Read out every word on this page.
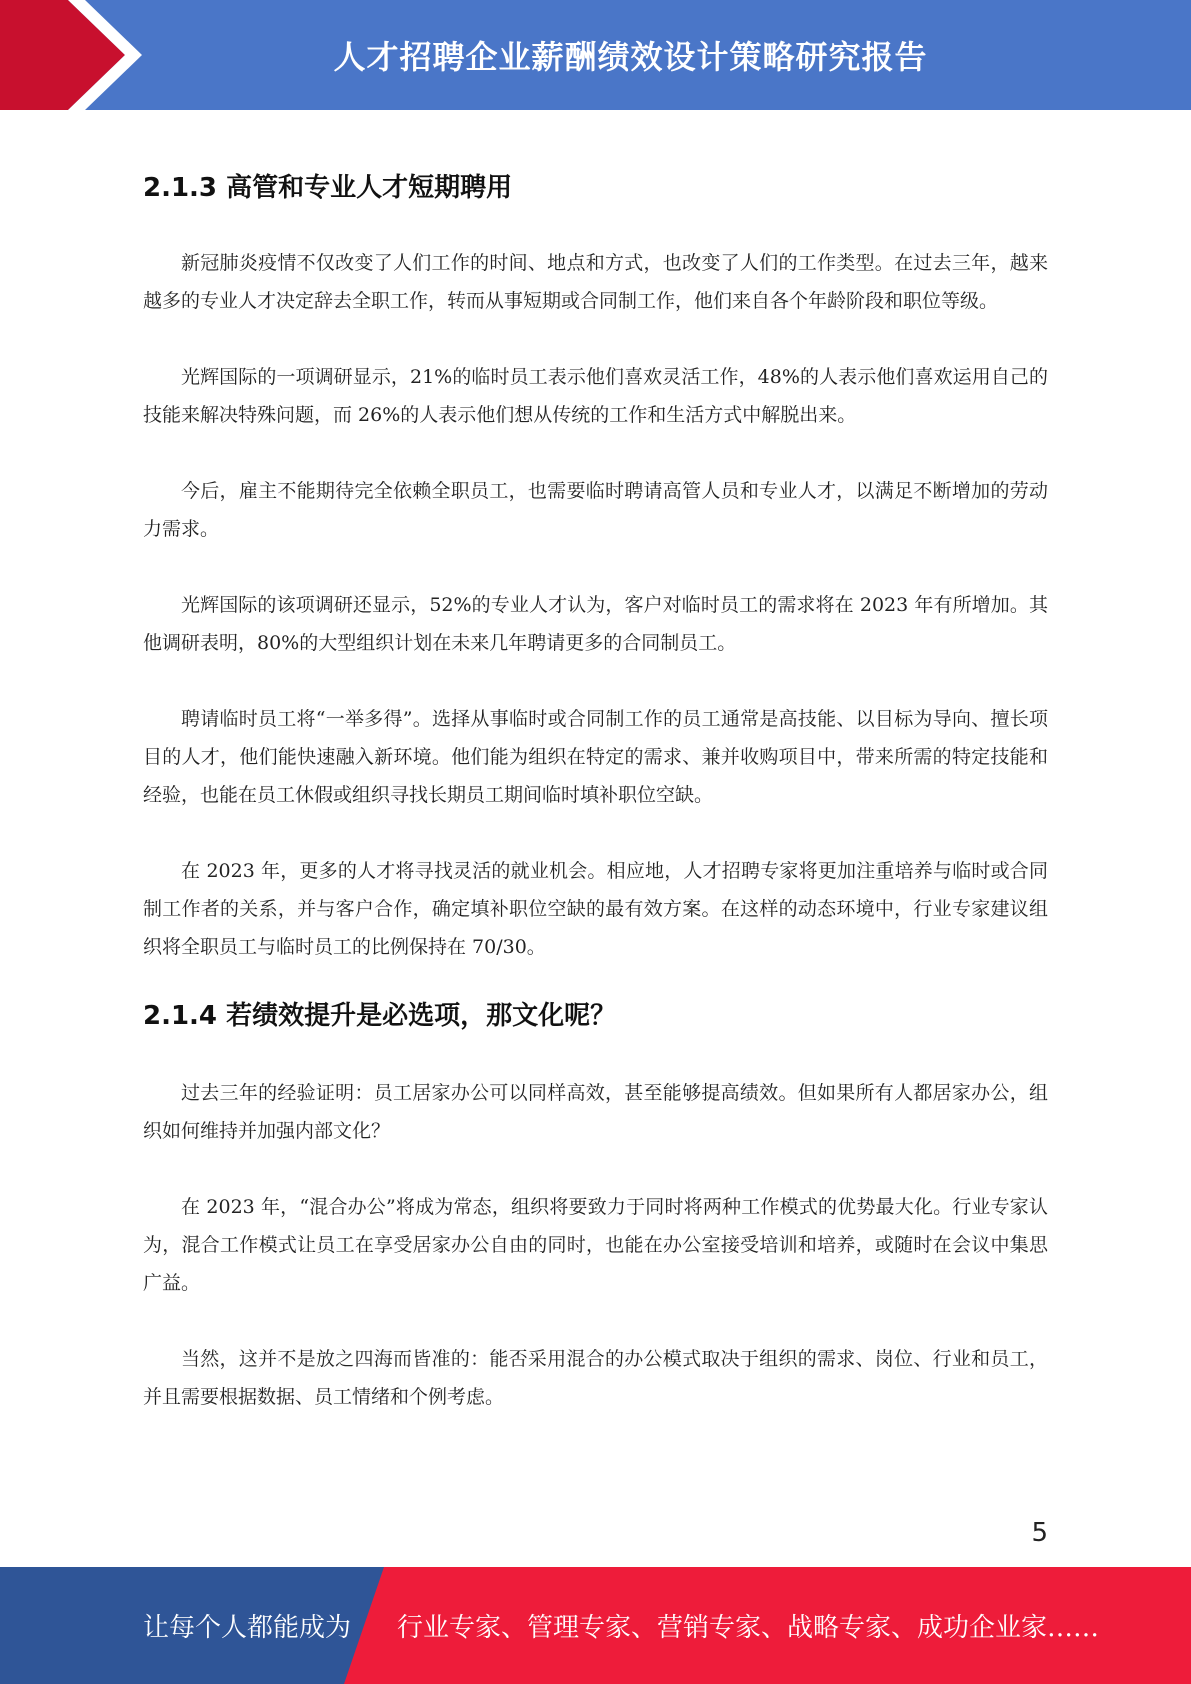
人才招聘企业薪酬绩效设计策略研究报告
2.1.3 高管和专业人才短期聘用

新冠肺炎疫情不仅改变了人们工作的时间、地点和方式，也改变了人们的工作类型。在过去三年，越来越多的专业人才决定辞去全职工作，转而从事短期或合同制工作，他们来自各个年龄阶段和职位等级。

光辉国际的一项调研显示，21%的临时员工表示他们喜欢灵活工作，48%的人表示他们喜欢运用自己的技能来解决特殊问题，而 26%的人表示他们想从传统的工作和生活方式中解脱出来。

今后，雇主不能期待完全依赖全职员工，也需要临时聘请高管人员和专业人才，以满足不断增加的劳动力需求。

光辉国际的该项调研还显示，52%的专业人才认为，客户对临时员工的需求将在 2023 年有所增加。其他调研表明，80%的大型组织计划在未来几年聘请更多的合同制员工。

聘请临时员工将“一举多得”。选择从事临时或合同制工作的员工通常是高技能、以目标为导向、擅长项目的人才，他们能快速融入新环境。他们能为组织在特定的需求、兼并收购项目中，带来所需的特定技能和经验，也能在员工休假或组织寻找长期员工期间临时填补职位空缺。

在 2023 年，更多的人才将寻找灵活的就业机会。相应地，人才招聘专家将更加注重培养与临时或合同制工作者的关系，并与客户合作，确定填补职位空缺的最有效方案。在这样的动态环境中，行业专家建议组织将全职员工与临时员工的比例保持在 70/30。

2.1.4 若绩效提升是必选项，那文化呢？

过去三年的经验证明：员工居家办公可以同样高效，甚至能够提高绩效。但如果所有人都居家办公，组织如何维持并加强内部文化？

在 2023 年，“混合办公”将成为常态，组织将要致力于同时将两种工作模式的优势最大化。行业专家认为，混合工作模式让员工在享受居家办公自由的同时，也能在办公室接受培训和培养，或随时在会议中集思广益。

当然，这并不是放之四海而皆准的：能否采用混合的办公模式取决于组织的需求、岗位、行业和员工，并且需要根据数据、员工情绪和个例考虑。

5
让每个人都能成为 行业专家、管理专家、营销专家、战略专家、成功企业家……
